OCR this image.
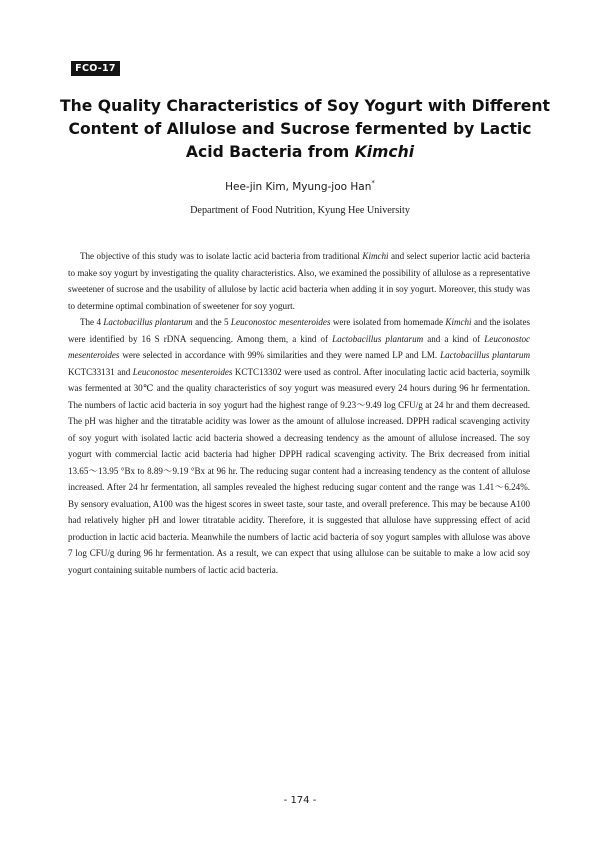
FCO-17
The Quality Characteristics of Soy Yogurt with Different
Content of Allulose and Sucrose fermented by Lactic
Acid Bacteria from Kimchi
Hee-jin Kim, Myung-joo Han*
Department of Food Nutrition, Kyung Hee University

The objective of this study was to isolate lactic acid bacteria from traditional Kimchi and select superior lactic acid bacteria to make soy yogurt by investigating the quality characteristics. Also, we examined the possibility of allulose as a representative sweetener of sucrose and the usability of allulose by lactic acid bacteria when adding it in soy yogurt. Moreover, this study was to determine optimal combination of sweetener for soy yogurt.

The 4 Lactobacillus plantarum and the 5 Leuconostoc mesenteroides were isolated from homemade Kimchi and the isolates were identified by 16 S rDNA sequencing. Among them, a kind of Lactobacillus plantarum and a kind of Leuconostoc mesenteroides were selected in accordance with 99% similarities and they were named LP and LM. Lactobacillus plantarum KCTC33131 and Leuconostoc mesenteroides KCTC13302 were used as control. After inoculating lactic acid bacteria, soymilk was fermented at 30℃ and the quality characteristics of soy yogurt was measured every 24 hours during 96 hr fermentation. The numbers of lactic acid bacteria in soy yogurt had the highest range of 9.23～9.49 log CFU/g at 24 hr and them decreased. The pH was higher and the titratable acidity was lower as the amount of allulose increased. DPPH radical scavenging activity of soy yogurt with isolated lactic acid bacteria showed a decreasing tendency as the amount of allulose increased. The soy yogurt with commercial lactic acid bacteria had higher DPPH radical scavenging activity. The Brix decreased from initial 13.65～13.95 °Bx to 8.89～9.19 °Bx at 96 hr. The reducing sugar content had a increasing tendency as the content of allulose increased. After 24 hr fermentation, all samples revealed the highest reducing sugar content and the range was 1.41～6.24%. By sensory evaluation, A100 was the higest scores in sweet taste, sour taste, and overall preference. This may be because A100 had relatively higher pH and lower titratable acidity. Therefore, it is suggested that allulose have suppressing effect of acid production in lactic acid bacteria. Meanwhile the numbers of lactic acid bacteria of soy yogurt samples with allulose was above 7 log CFU/g during 96 hr fermentation. As a result, we can expect that using allulose can be suitable to make a low acid soy yogurt containing suitable numbers of lactic acid bacteria.

- 174 -
